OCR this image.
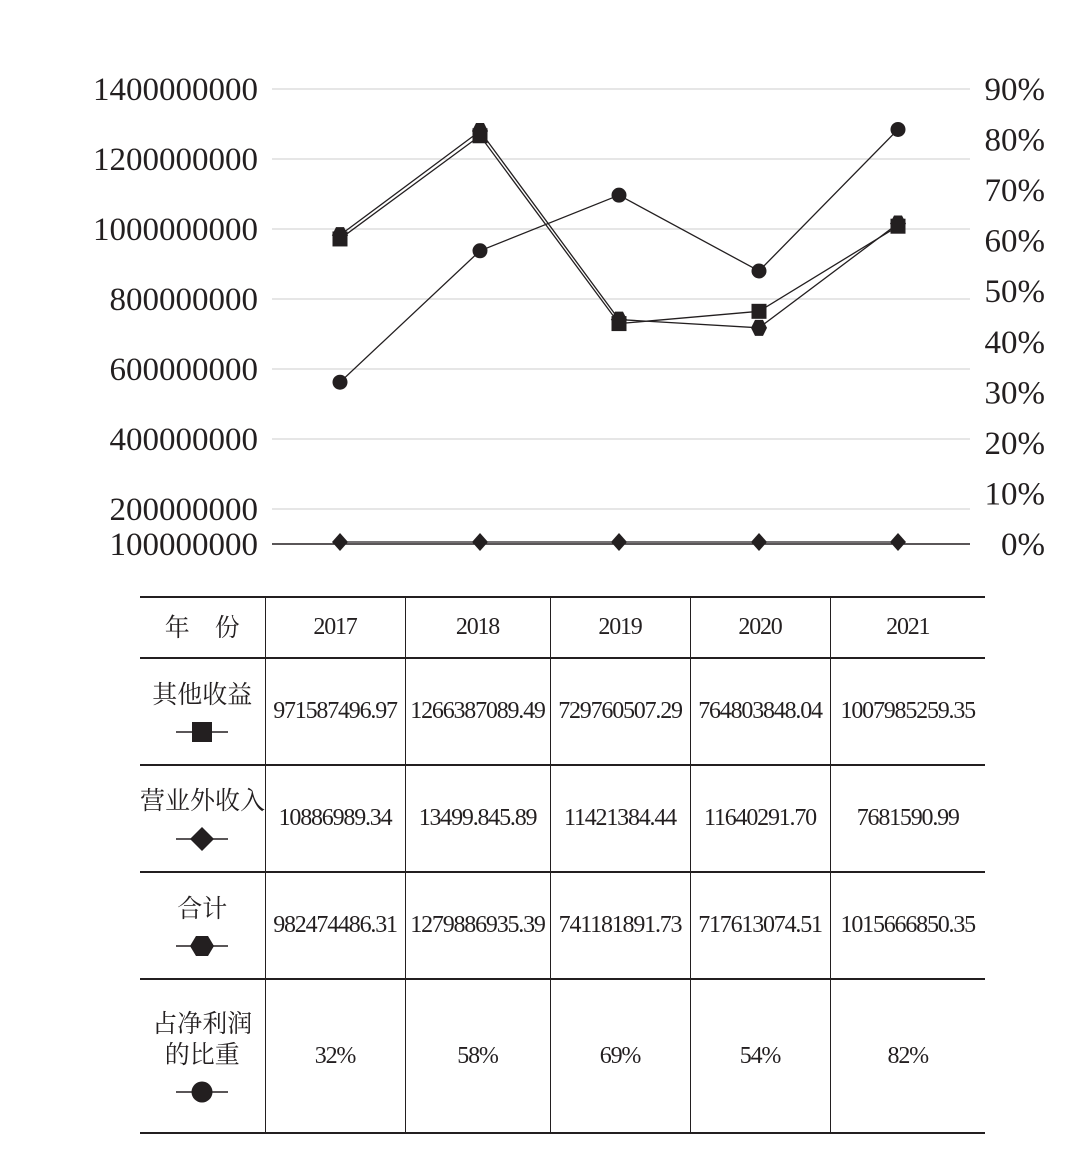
100000000
200000000
400000000
600000000
800000000
1000000000
1200000000
1400000000
0%
10%
20%
30%
40%
50%
60%
70%
80%
90%
年　份	2017	2018	2019	2020	2021

其他收益	971587496.97	1266387089.49	729760507.29	764803848.04	1007985259.35

营业外收入	10886989.34	13499.845.89	11421384.44	11640291.70	7681590.99

合计	982474486.31	1279886935.39	741181891.73	717613074.51	1015666850.35

占净利润
的比重	32%	58%	69%	54%	82%
